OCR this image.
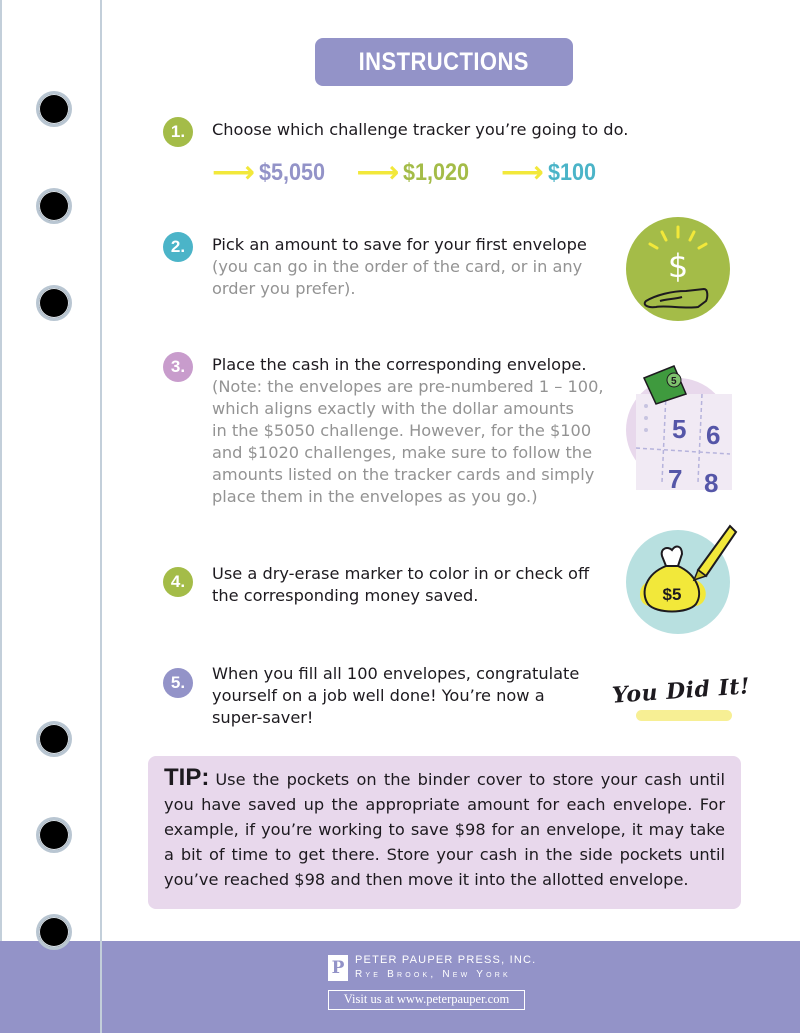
INSTRUCTIONS
1.	Choose which challenge tracker you’re going to do.
⟶ $5,050 ⟶ $1,020 ⟶ $100
2.	Pick an amount to save for your first envelope
(you can go in the order of the card, or in any
order you prefer).
$
3.	Place the cash in the corresponding envelope.
(Note: the envelopes are pre-numbered 1 – 100,
which aligns exactly with the dollar amounts
in the $5050 challenge. However, for the $100
and $1020 challenges, make sure to follow the
amounts listed on the tracker cards and simply
place them in the envelopes as you go.)
5 6
7 8
5
4.	Use a dry-erase marker to color in or check off
the corresponding money saved.	$5
5.	When you fill all 100 envelopes, congratulate
yourself on a job well done! You’re now a
super-saver!
You Did It!

TIP: Use the pockets on the binder cover to store your cash until you have saved up the appropriate amount for each envelope. For example, if you’re working to save $98 for an envelope, it may take a bit of time to get there. Store your cash in the side pockets until you’ve reached $98 and then move it into the allotted envelope.

P PETER PAUPER PRESS, INC.
Rye Brook, New York
Visit us at www.peterpauper.com
